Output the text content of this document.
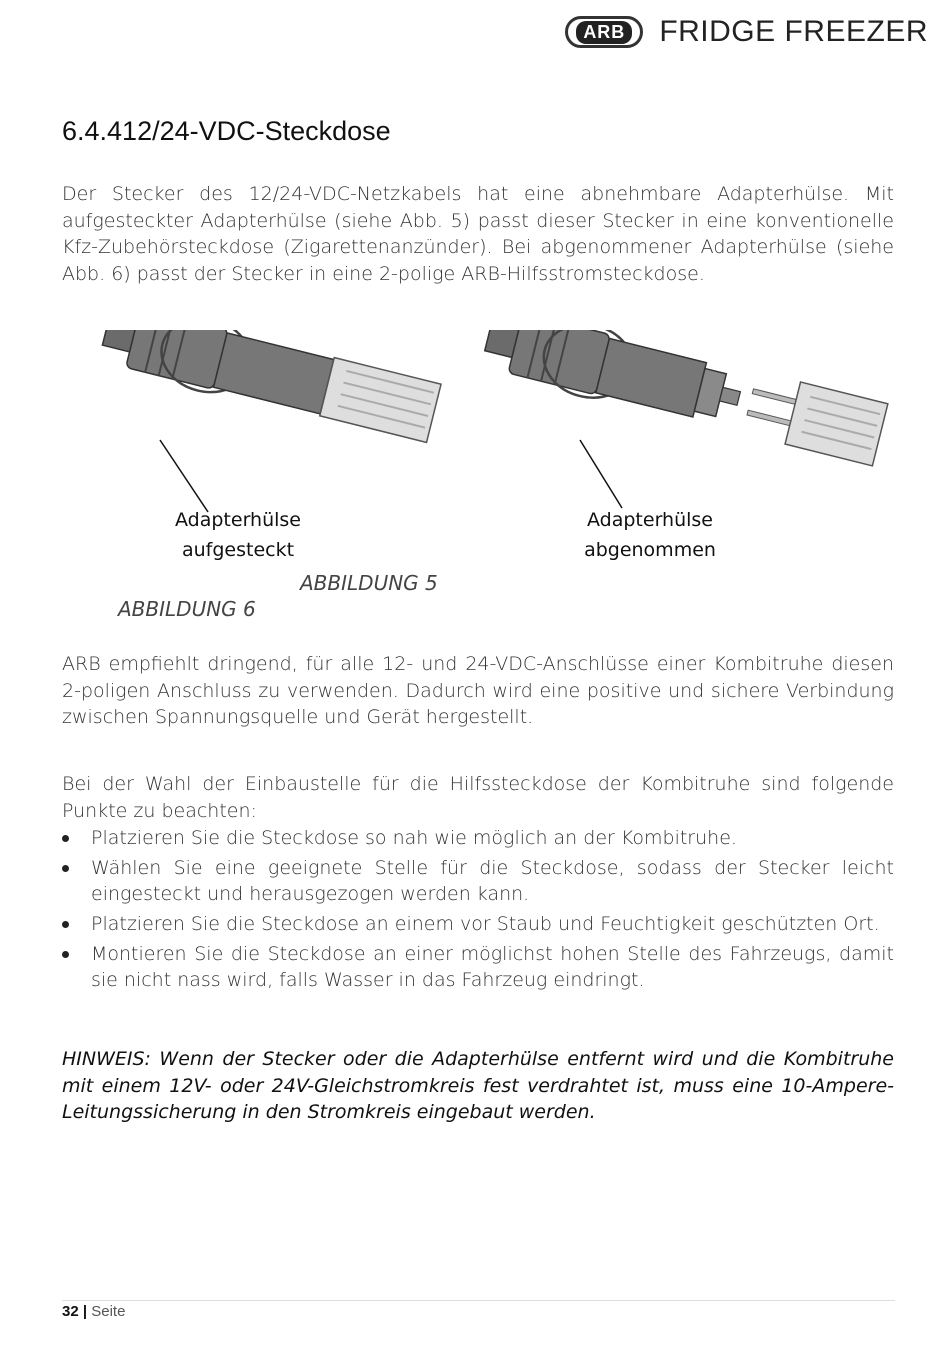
ARB FRIDGE FREEZER
6.4.412/24-VDC-Steckdose
Der Stecker des 12/24-VDC-Netzkabels hat eine abnehmbare Adapterhülse. Mit aufgesteckter Adapterhülse (siehe Abb. 5) passt dieser Stecker in eine konventionelle Kfz-Zubehörsteckdose (Zigarettenanzünder). Bei abgenommener Adapterhülse (siehe Abb. 6) passt der Stecker in eine 2-polige ARB-Hilfsstromsteckdose.
Adapterhülse
aufgesteckt
Adapterhülse
abgenommen
ABBILDUNG 5
ABBILDUNG 6
ARB empfiehlt dringend, für alle 12- und 24-VDC-Anschlüsse einer Kombitruhe diesen 2-poligen Anschluss zu verwenden. Dadurch wird eine positive und sichere Verbindung zwischen Spannungsquelle und Gerät hergestellt.
Bei der Wahl der Einbaustelle für die Hilfssteckdose der Kombitruhe sind folgende Punkte zu beachten:
Platzieren Sie die Steckdose so nah wie möglich an der Kombitruhe.
Wählen Sie eine geeignete Stelle für die Steckdose, sodass der Stecker leicht eingesteckt und herausgezogen werden kann.
Platzieren Sie die Steckdose an einem vor Staub und Feuchtigkeit geschützten Ort.
Montieren Sie die Steckdose an einer möglichst hohen Stelle des Fahrzeugs, damit sie nicht nass wird, falls Wasser in das Fahrzeug eindringt.
HINWEIS: Wenn der Stecker oder die Adapterhülse entfernt wird und die Kombitruhe mit einem 12V- oder 24V-Gleichstromkreis fest verdrahtet ist, muss eine 10-Ampere-Leitungssicherung in den Stromkreis eingebaut werden.
32 | Seite
